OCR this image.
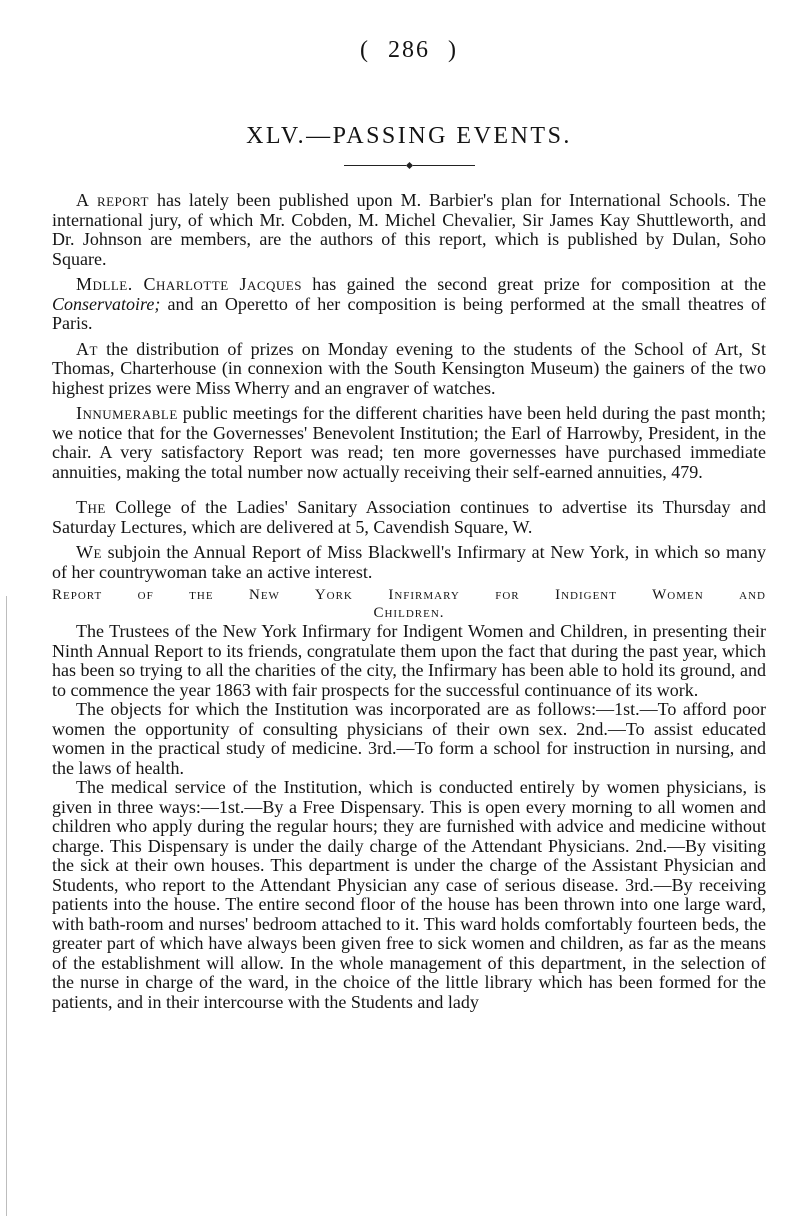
( 286 )
XLV.—PASSING EVENTS.

A report has lately been published upon M. Barbier's plan for International Schools. The international jury, of which Mr. Cobden, M. Michel Chevalier, Sir James Kay Shuttleworth, and Dr. Johnson are members, are the authors of this report, which is published by Dulan, Soho Square.

Mdlle. Charlotte Jacques has gained the second great prize for composition at the Conservatoire; and an Operetto of her composition is being performed at the small theatres of Paris.

At the distribution of prizes on Monday evening to the students of the School of Art, St Thomas, Charterhouse (in connexion with the South Kensington Museum) the gainers of the two highest prizes were Miss Wherry and an engraver of watches.

Innumerable public meetings for the different charities have been held during the past month; we notice that for the Governesses' Benevolent Institution; the Earl of Harrowby, President, in the chair. A very satisfactory Report was read; ten more governesses have purchased immediate annuities, making the total number now actually receiving their self-earned annuities, 479.

The College of the Ladies' Sanitary Association continues to advertise its Thursday and Saturday Lectures, which are delivered at 5, Cavendish Square, W.

We subjoin the Annual Report of Miss Blackwell's Infirmary at New York, in which so many of her countrywoman take an active interest.

Report of the New York Infirmary for Indigent Women and
Children.

The Trustees of the New York Infirmary for Indigent Women and Children, in presenting their Ninth Annual Report to its friends, congratulate them upon the fact that during the past year, which has been so trying to all the charities of the city, the Infirmary has been able to hold its ground, and to commence the year 1863 with fair prospects for the successful continuance of its work.

The objects for which the Institution was incorporated are as follows:—1st.—To afford poor women the opportunity of consulting physicians of their own sex. 2nd.—To assist educated women in the practical study of medicine. 3rd.—To form a school for instruction in nursing, and the laws of health.

The medical service of the Institution, which is conducted entirely by women physicians, is given in three ways:—1st.—By a Free Dispensary. This is open every morning to all women and children who apply during the regular hours; they are furnished with advice and medicine without charge. This Dispensary is under the daily charge of the Attendant Physicians. 2nd.—By visiting the sick at their own houses. This department is under the charge of the Assistant Physician and Students, who report to the Attendant Physician any case of serious disease. 3rd.—By receiving patients into the house. The entire second floor of the house has been thrown into one large ward, with bath-room and nurses' bedroom attached to it. This ward holds comfortably fourteen beds, the greater part of which have always been given free to sick women and children, as far as the means of the establishment will allow. In the whole management of this department, in the selection of the nurse in charge of the ward, in the choice of the little library which has been formed for the patients, and in their intercourse with the Students and lady
